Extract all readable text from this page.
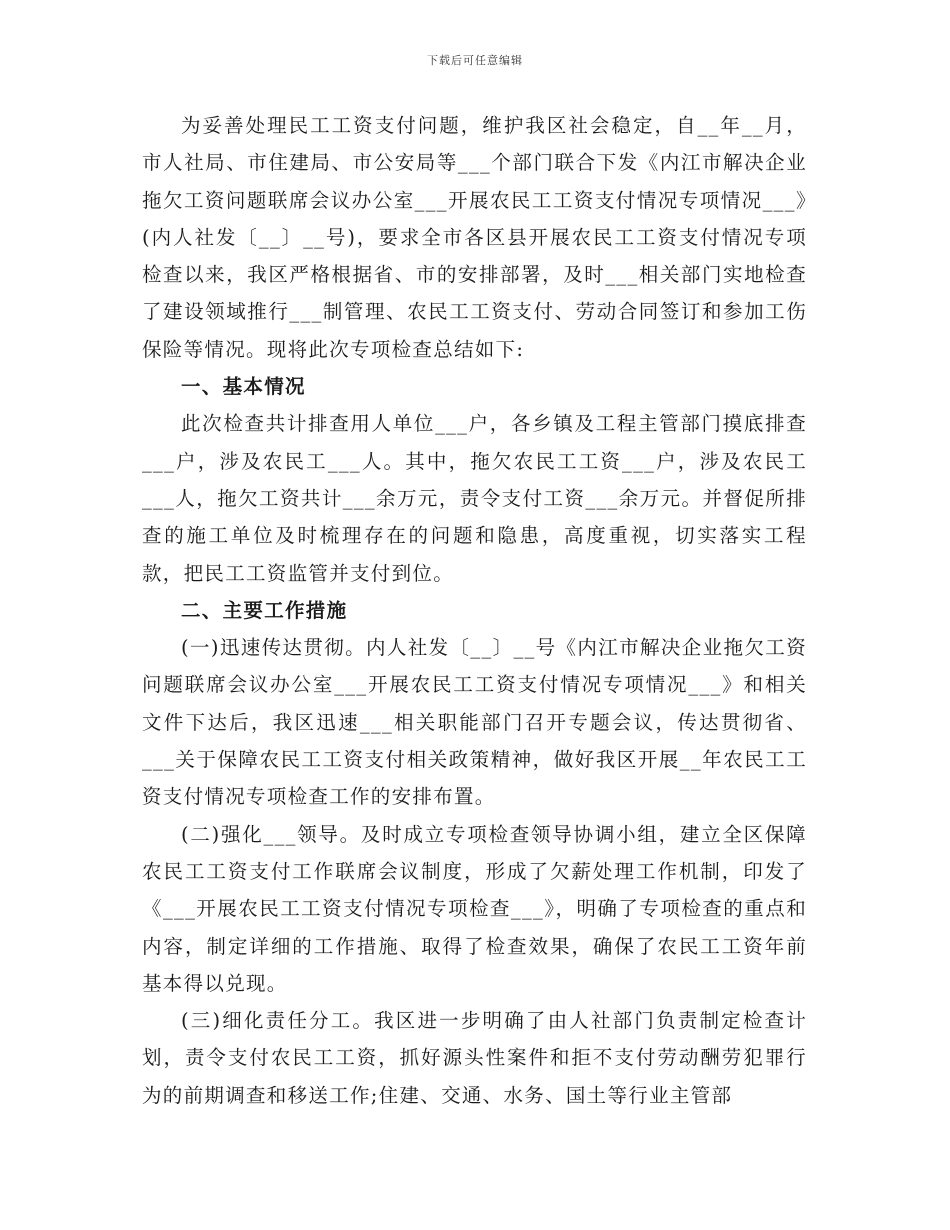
下载后可任意编辑

为妥善处理民工工资支付问题，维护我区社会稳定，自__年__月，市人社局、市住建局、市公安局等___个部门联合下发《内江市解决企业拖欠工资问题联席会议办公室___开展农民工工资支付情况专项情况___》(内人社发〔__〕__号)，要求全市各区县开展农民工工资支付情况专项检查以来，我区严格根据省、市的安排部署，及时___相关部门实地检查了建设领域推行___制管理、农民工工资支付、劳动合同签订和参加工伤保险等情况。现将此次专项检查总结如下:

一、基本情况

此次检查共计排查用人单位___户，各乡镇及工程主管部门摸底排查___户，涉及农民工___人。其中，拖欠农民工工资___户，涉及农民工___人，拖欠工资共计___余万元，责令支付工资___余万元。并督促所排查的施工单位及时梳理存在的问题和隐患，高度重视，切实落实工程款，把民工工资监管并支付到位。

二、主要工作措施

(一)迅速传达贯彻。内人社发〔__〕__号《内江市解决企业拖欠工资问题联席会议办公室___开展农民工工资支付情况专项情况___》和相关文件下达后，我区迅速___相关职能部门召开专题会议，传达贯彻省、___关于保障农民工工资支付相关政策精神，做好我区开展__年农民工工资支付情况专项检查工作的安排布置。

(二)强化___领导。及时成立专项检查领导协调小组，建立全区保障农民工工资支付工作联席会议制度，形成了欠薪处理工作机制，印发了《___开展农民工工资支付情况专项检查___》，明确了专项检查的重点和内容，制定详细的工作措施、取得了检查效果，确保了农民工工资年前基本得以兑现。

(三)细化责任分工。我区进一步明确了由人社部门负责制定检查计划，责令支付农民工工资，抓好源头性案件和拒不支付劳动酬劳犯罪行为的前期调查和移送工作;住建、交通、水务、国土等行业主管部
